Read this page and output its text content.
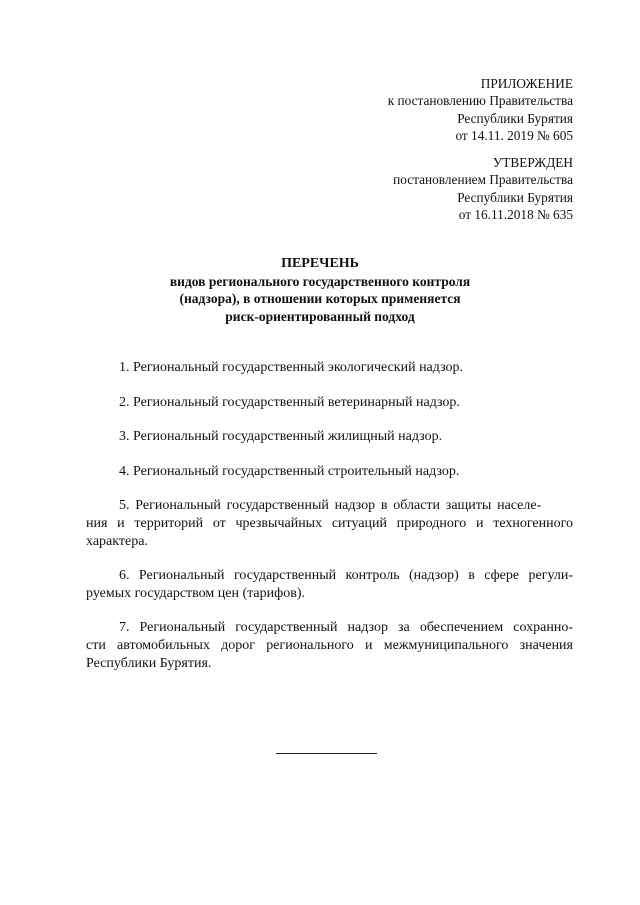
ПРИЛОЖЕНИЕ
к постановлению Правительства
Республики Бурятия
от 14.11. 2019 № 605
УТВЕРЖДЕН
постановлением Правительства
Республики Бурятия
от 16.11.2018 № 635
ПЕРЕЧЕНЬ
видов регионального государственного контроля
(надзора), в отношении которых применяется
риск-ориентированный подход
1. Региональный государственный экологический надзор.
2. Региональный государственный ветеринарный надзор.
3. Региональный государственный жилищный надзор.
4. Региональный государственный строительный надзор.
5. Региональный государственный надзор в области защиты населе-
ния и территорий от чрезвычайных ситуаций природного и техногенного
характера.
6. Региональный государственный контроль (надзор) в сфере регули-
руемых государством цен (тарифов).
7. Региональный государственный надзор за обеспечением сохранно-
сти автомобильных дорог регионального и межмуниципального значения
Республики Бурятия.
